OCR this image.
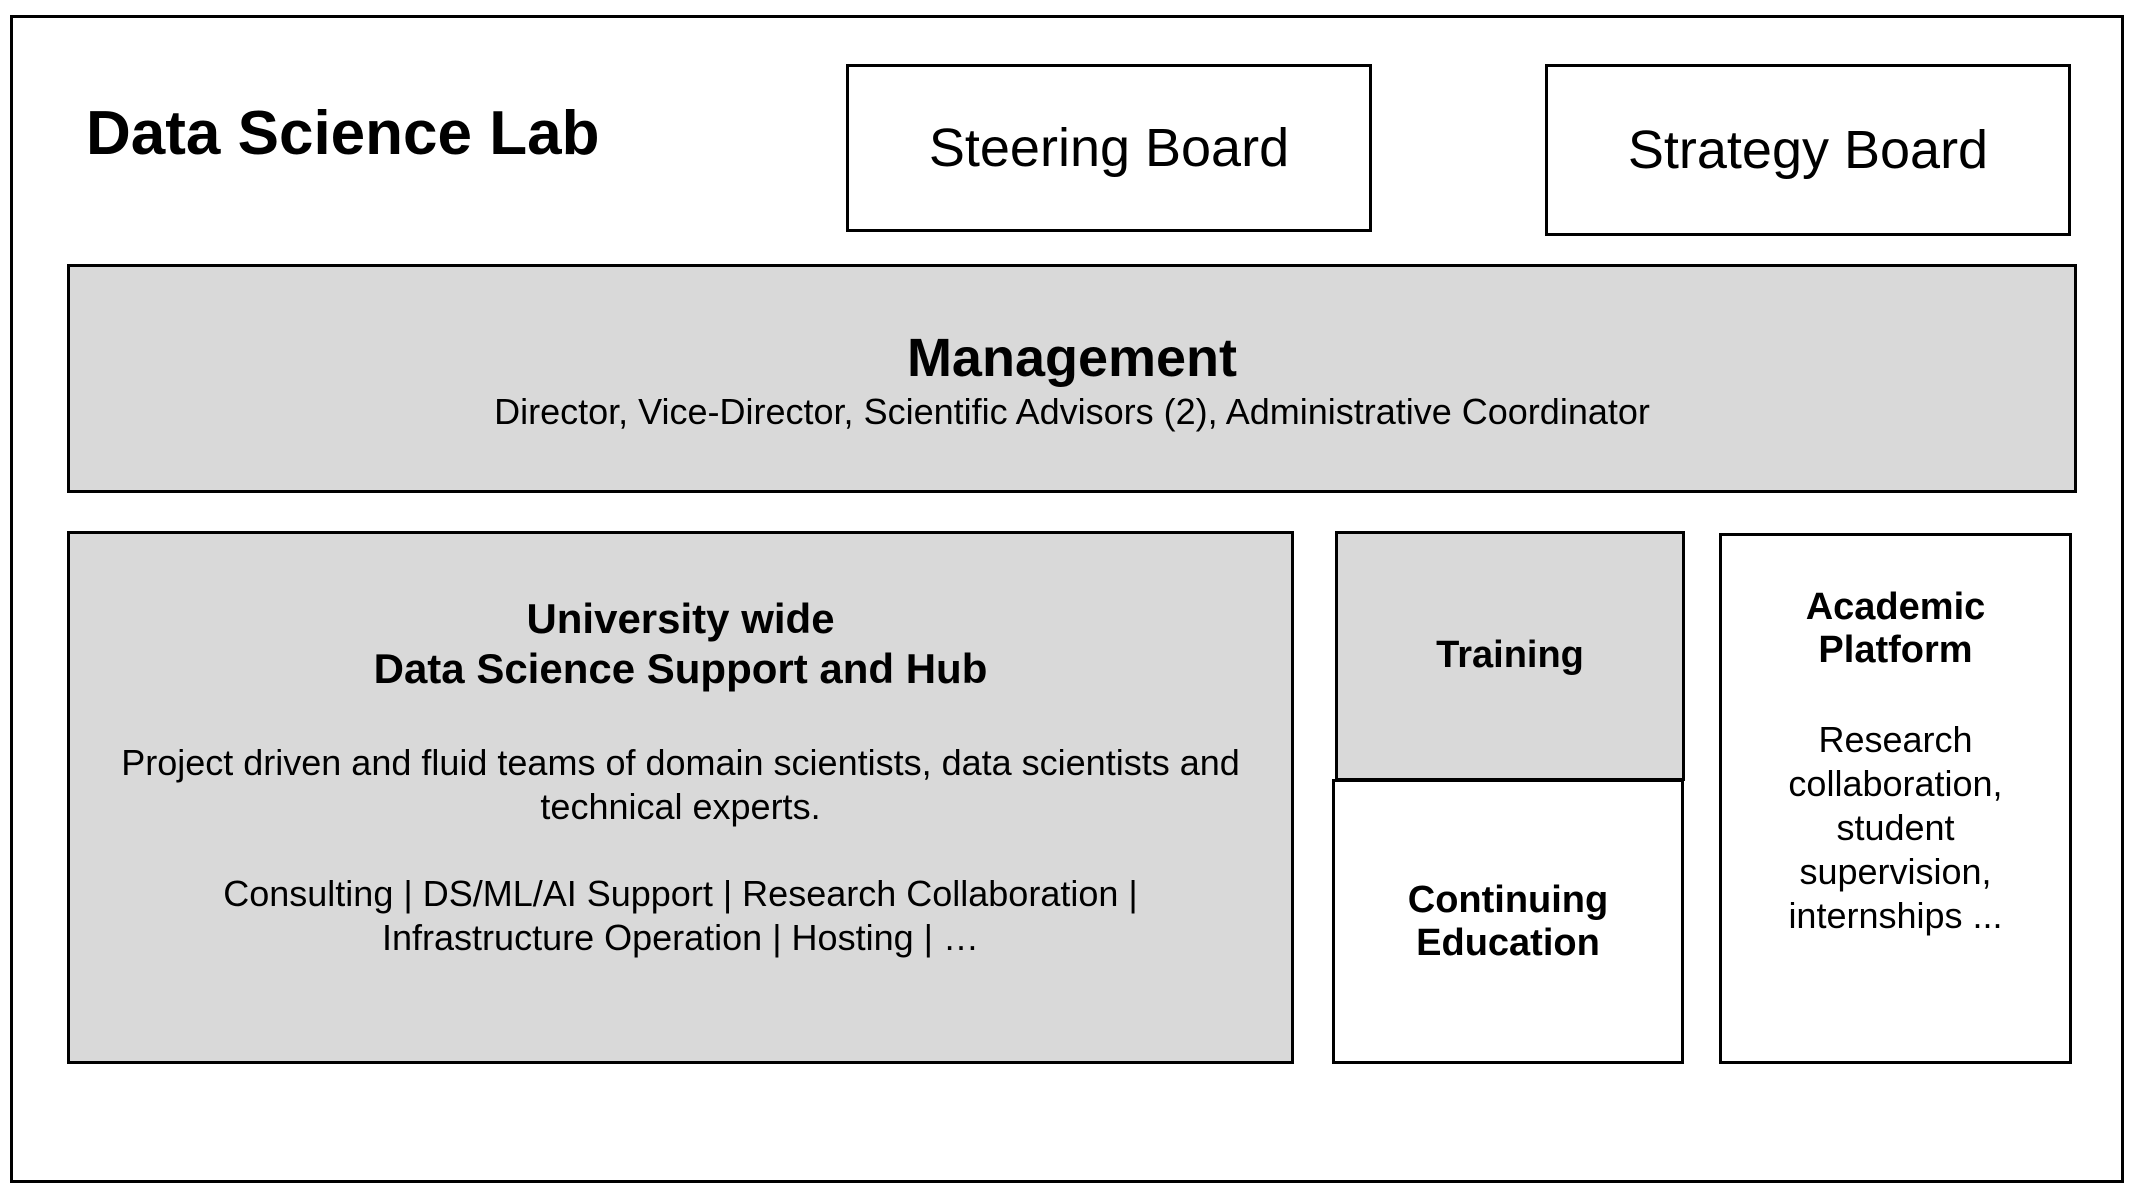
Data Science Lab	Steering Board	Strategy Board
Management
Director, Vice-Director, Scientific Advisors (2), Administrative Coordinator
University wide
Data Science Support and Hub
Project driven and fluid teams of domain scientists, data scientists and technical experts.
Consulting | DS/ML/AI Support | Research Collaboration | Infrastructure Operation | Hosting | …
Training
Continuing
Education
Academic
Platform
Research collaboration, student supervision, internships ...
